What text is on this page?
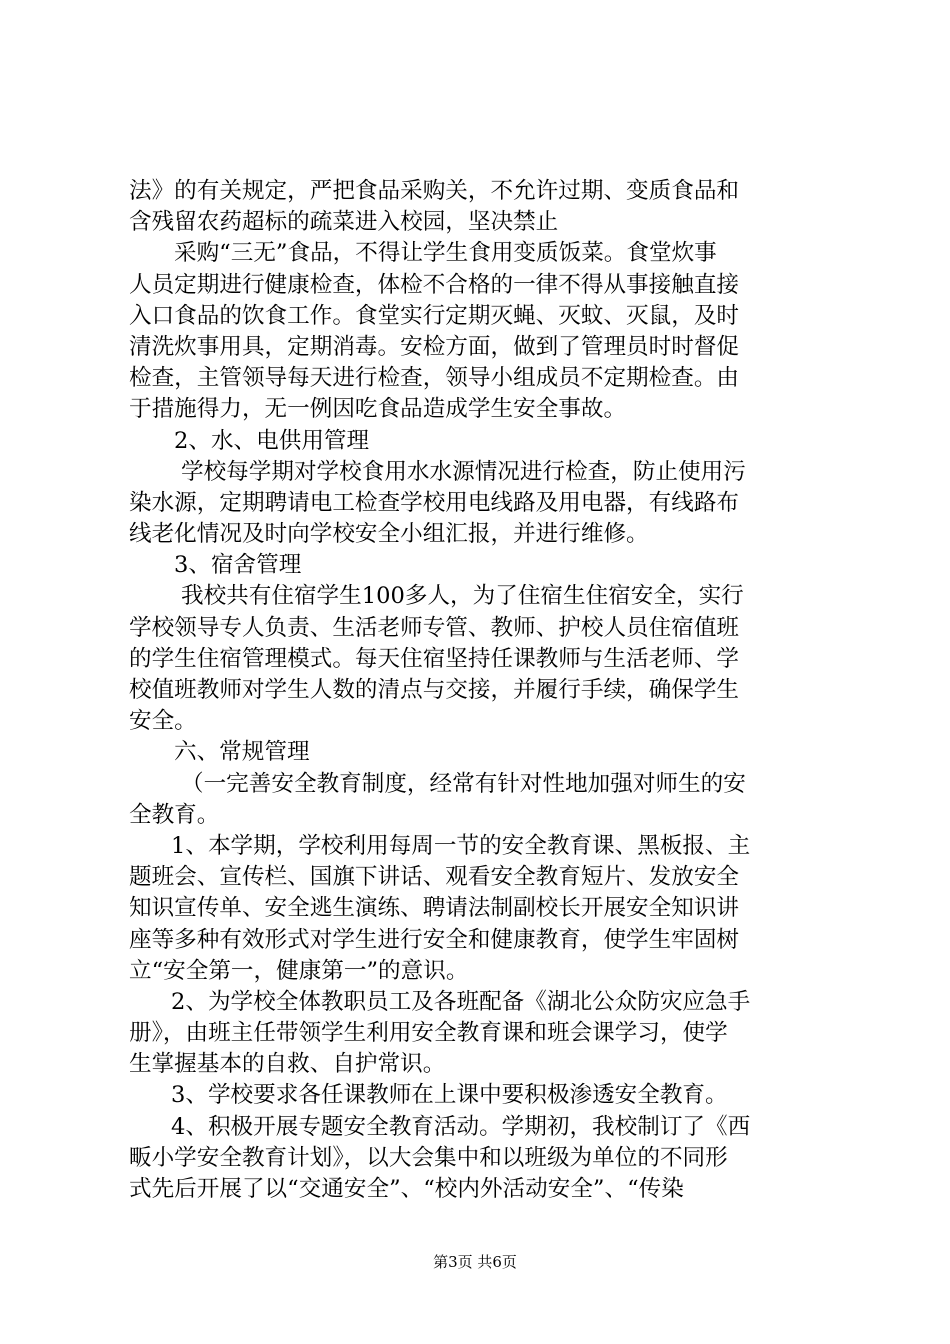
法》的有关规定，严把食品采购关，不允许过期、变质食品和
含残留农药超标的疏菜进入校园，坚决禁止
采购“三无”食品，不得让学生食用变质饭菜。食堂炊事
人员定期进行健康检查，体检不合格的一律不得从事接触直接
入口食品的饮食工作。食堂实行定期灭蝇、灭蚊、灭鼠，及时
清洗炊事用具，定期消毒。安检方面，做到了管理员时时督促
检查，主管领导每天进行检查，领导小组成员不定期检查。由
于措施得力，无一例因吃食品造成学生安全事故。
2、水、电供用管理
学校每学期对学校食用水水源情况进行检查，防止使用污
染水源，定期聘请电工检查学校用电线路及用电器，有线路布
线老化情况及时向学校安全小组汇报，并进行维修。
3、宿舍管理
我校共有住宿学生100多人，为了住宿生住宿安全，实行
学校领导专人负责、生活老师专管、教师、护校人员住宿值班
的学生住宿管理模式。每天住宿坚持任课教师与生活老师、学
校值班教师对学生人数的清点与交接，并履行手续，确保学生
安全。
六、常规管理
（一完善安全教育制度，经常有针对性地加强对师生的安
全教育。
1、本学期，学校利用每周一节的安全教育课、黑板报、主
题班会、宣传栏、国旗下讲话、观看安全教育短片、发放安全
知识宣传单、安全逃生演练、聘请法制副校长开展安全知识讲
座等多种有效形式对学生进行安全和健康教育，使学生牢固树
立“安全第一，健康第一”的意识。
2、为学校全体教职员工及各班配备《湖北公众防灾应急手
册》，由班主任带领学生利用安全教育课和班会课学习，使学
生掌握基本的自救、自护常识。
3、学校要求各任课教师在上课中要积极渗透安全教育。
4、积极开展专题安全教育活动。学期初，我校制订了《西
畈小学安全教育计划》，以大会集中和以班级为单位的不同形
式先后开展了以“交通安全”、“校内外活动安全”、“传染
第3页 共6页
